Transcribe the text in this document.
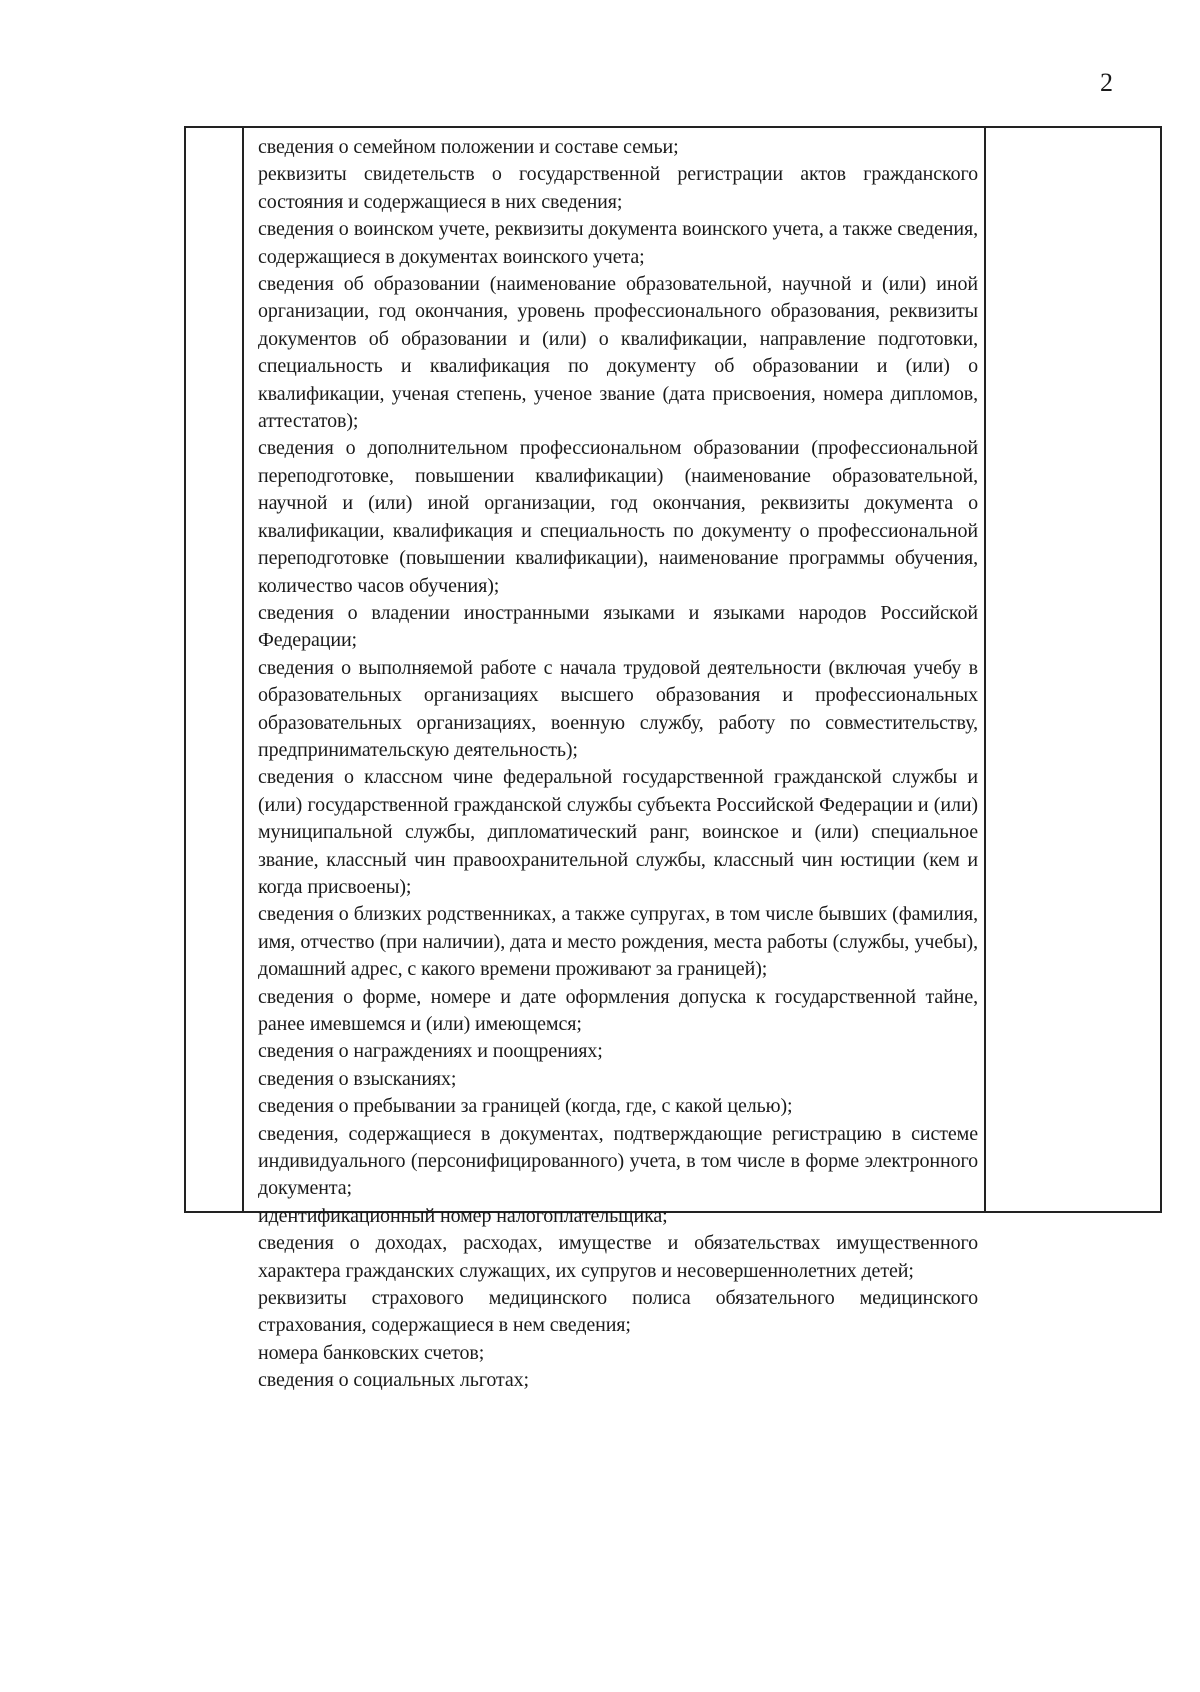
2

сведения о семейном положении и составе семьи;

реквизиты свидетельств о государственной регистрации актов гражданского состояния и содержащиеся в них сведения;

сведения о воинском учете, реквизиты документа воинского учета, а также сведения, содержащиеся в документах воинского учета;

сведения об образовании (наименование образовательной, научной и (или) иной организации, год окончания, уровень профессионального образования, реквизиты документов об образовании и (или) о квалификации, направление подготовки, специальность и квалификация по документу об образовании и (или) о квалификации, ученая степень, ученое звание (дата присвоения, номера дипломов, аттестатов);

сведения о дополнительном профессиональном образовании (профессиональной переподготовке, повышении квалификации) (наименование образовательной, научной и (или) иной организации, год окончания, реквизиты документа о квалификации, квалификация и специальность по документу о профессиональной переподготовке (повышении квалификации), наименование программы обучения, количество часов обучения);

сведения о владении иностранными языками и языками народов Российской Федерации;

сведения о выполняемой работе с начала трудовой деятельности (включая учебу в образовательных организациях высшего образования и профессиональных образовательных организациях, военную службу, работу по совместительству, предпринимательскую деятельность);

сведения о классном чине федеральной государственной гражданской службы и (или) государственной гражданской службы субъекта Российской Федерации и (или) муниципальной службы, дипломатический ранг, воинское и (или) специальное звание, классный чин правоохранительной службы, классный чин юстиции (кем и когда присвоены);

сведения о близких родственниках, а также супругах, в том числе бывших (фамилия, имя, отчество (при наличии), дата и место рождения, места работы (службы, учебы), домашний адрес, с какого времени проживают за границей);

сведения о форме, номере и дате оформления допуска к государственной тайне, ранее имевшемся и (или) имеющемся;

сведения о награждениях и поощрениях;

сведения о взысканиях;

сведения о пребывании за границей (когда, где, с какой целью);

сведения, содержащиеся в документах, подтверждающие регистрацию в системе индивидуального (персонифицированного) учета, в том числе в форме электронного документа;

идентификационный номер налогоплательщика;

сведения о доходах, расходах, имуществе и обязательствах имущественного характера гражданских служащих, их супругов и несовершеннолетних детей;

реквизиты страхового медицинского полиса обязательного медицинского страхования, содержащиеся в нем сведения;

номера банковских счетов;

сведения о социальных льготах;
